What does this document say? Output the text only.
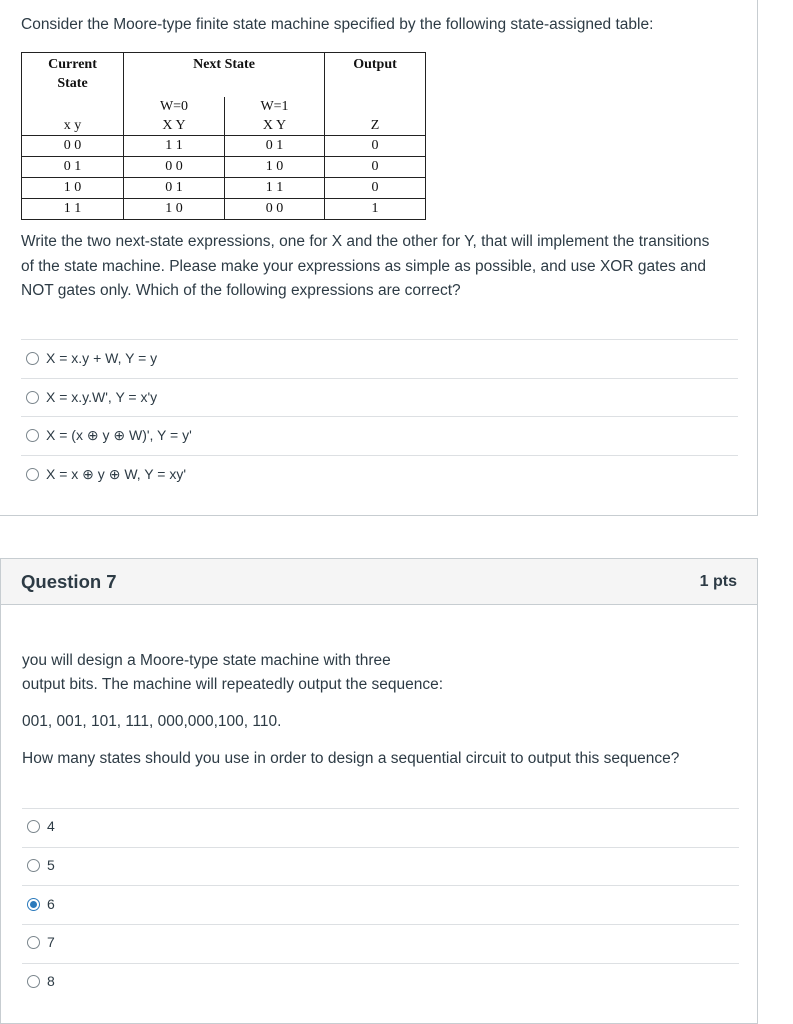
Consider the Moore-type finite state machine specified by the following state-assigned table:

Current
State	Next State		Output
	W=0	W=1	
x y	X Y	X Y	Z
0 0	1 1	0 1	0
0 1	0 0	1 0	0
1 0	0 1	1 1	0
1 1	1 0	0 0	1

Write the two next-state expressions, one for X and the other for Y, that will implement the transitions of the state machine. Please make your expressions as simple as possible, and use XOR gates and NOT gates only. Which of the following expressions are correct?

X = x.y + W, Y = y
X = x.y.W', Y = x'y
X = (x ⊕ y ⊕ W)', Y = y'
X = x ⊕ y ⊕ W, Y = xy'
Question 7	1 pts

you will design a Moore-type state machine with three

output bits. The machine will repeatedly output the sequence:

001, 001, 101, 111, 000,000,100, 110.

How many states should you use in order to design a sequential circuit to output this sequence?

4
5
6
7
8
